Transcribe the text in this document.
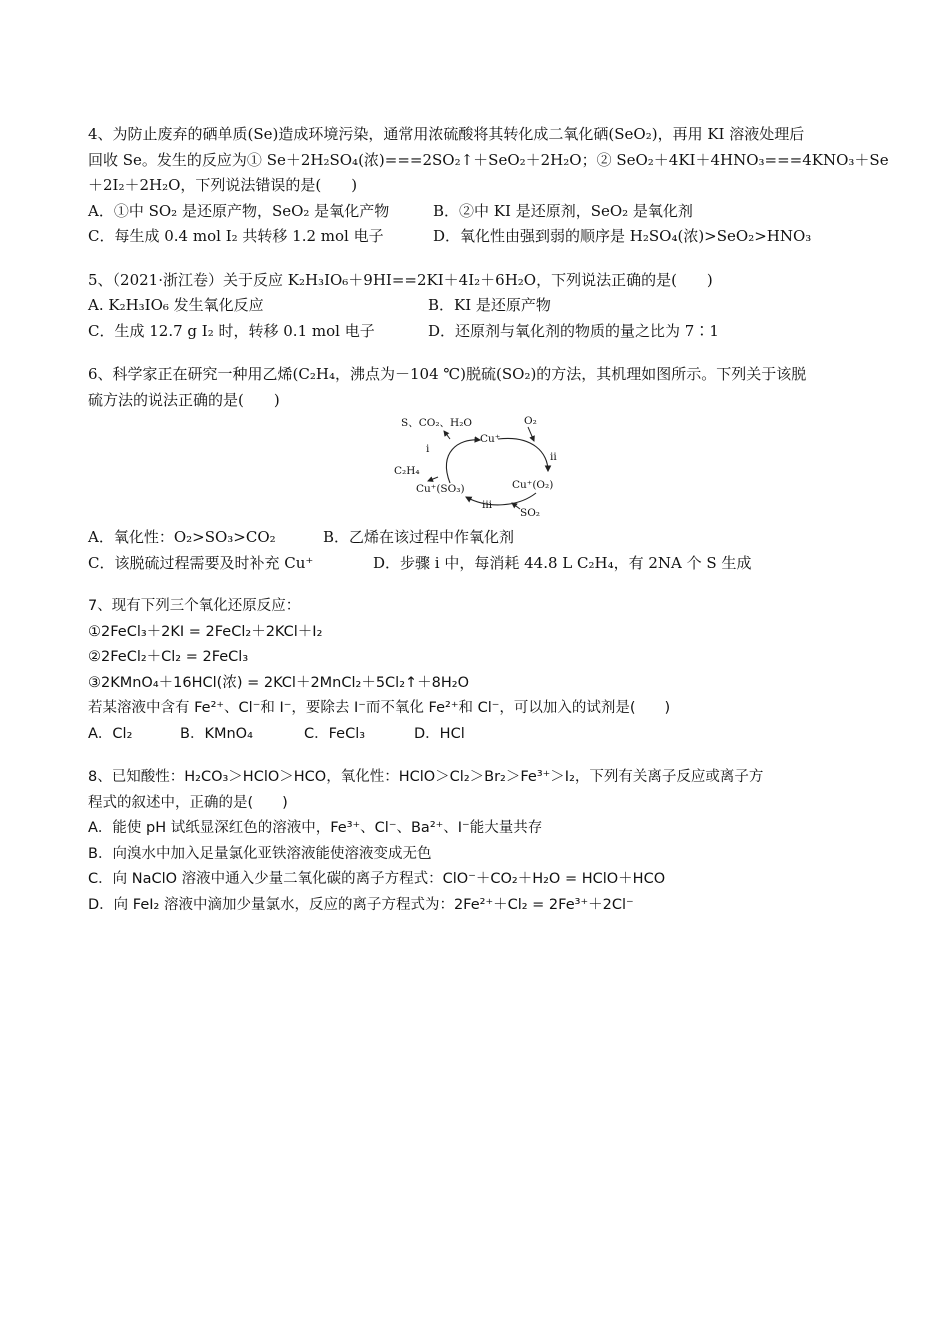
4、为防止废弃的硒单质(Se)造成环境污染，通常用浓硫酸将其转化成二氧化硒(SeO₂)，再用 KI 溶液处理后
回收 Se。发生的反应为① Se＋2H₂SO₄(浓)===2SO₂↑＋SeO₂＋2H₂O；② SeO₂＋4KI＋4HNO₃===4KNO₃＋Se
＋2I₂＋2H₂O，下列说法错误的是(　　)
A．①中 SO₂ 是还原产物，SeO₂ 是氧化产物	B．②中 KI 是还原剂，SeO₂ 是氧化剂
C．每生成 0.4 mol I₂ 共转移 1.2 mol 电子	D．氧化性由强到弱的顺序是 H₂SO₄(浓)>SeO₂>HNO₃
5、（2021·浙江卷）关于反应 K₂H₃IO₆＋9HI==2KI＋4I₂＋6H₂O，下列说法正确的是(　　)
A. K₂H₃IO₆ 发生氧化反应	B．KI 是还原产物
C．生成 12.7 g I₂ 时，转移 0.1 mol 电子	D．还原剂与氧化剂的物质的量之比为 7∶1
6、科学家正在研究一种用乙烯(C₂H₄，沸点为－104 ℃)脱硫(SO₂)的方法，其机理如图所示。下列关于该脱
硫方法的说法正确的是(　　)
S、CO₂、H₂O	O₂
Cu⁺
i
ii
C₂H₄
Cu⁺(SO₃)	Cu⁺(O₂)
iii
SO₂
A．氧化性：O₂>SO₃>CO₂	B．乙烯在该过程中作氧化剂
C．该脱硫过程需要及时补充 Cu⁺	D．步骤 i 中，每消耗 44.8 L C₂H₄，有 2NA 个 S 生成
7、现有下列三个氧化还原反应：
①2FeCl₃＋2KI = 2FeCl₂＋2KCl＋I₂
②2FeCl₂＋Cl₂ = 2FeCl₃
③2KMnO₄＋16HCl(浓) = 2KCl＋2MnCl₂＋5Cl₂↑＋8H₂O
若某溶液中含有 Fe²⁺、Cl⁻和 I⁻，要除去 I⁻而不氧化 Fe²⁺和 Cl⁻，可以加入的试剂是(　　)
A．Cl₂	B．KMnO₄	C．FeCl₃	D．HCl
8、已知酸性：H₂CO₃＞HClO＞HCO，氧化性：HClO＞Cl₂＞Br₂＞Fe³⁺＞I₂，下列有关离子反应或离子方
程式的叙述中，正确的是(　　)
A．能使 pH 试纸显深红色的溶液中，Fe³⁺、Cl⁻、Ba²⁺、I⁻能大量共存
B．向溴水中加入足量氯化亚铁溶液能使溶液变成无色
C．向 NaClO 溶液中通入少量二氧化碳的离子方程式：ClO⁻＋CO₂＋H₂O = HClO＋HCO
D．向 FeI₂ 溶液中滴加少量氯水，反应的离子方程式为：2Fe²⁺＋Cl₂ = 2Fe³⁺＋2Cl⁻
